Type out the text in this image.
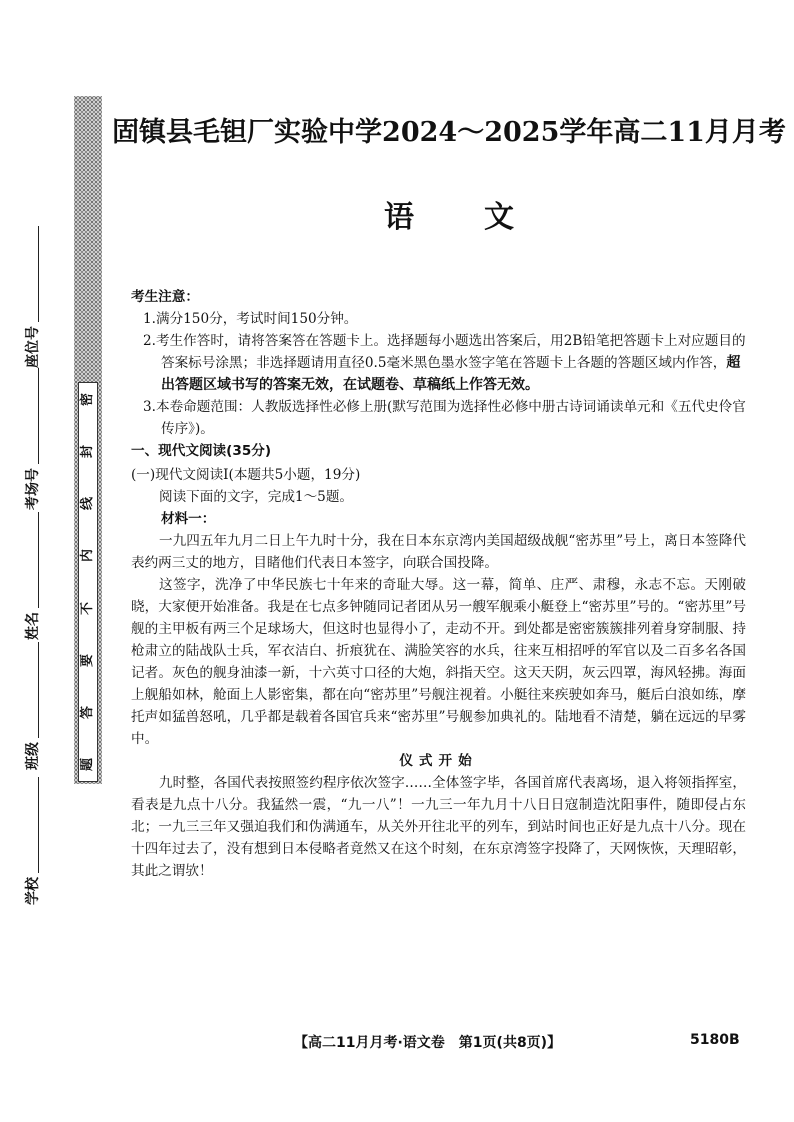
密
封
线
内
不
要
答
题
学校
班级
姓名
考场号
座位号
固镇县毛钽厂实验中学2024～2025学年高二11月月考
语文

考生注意：

1.满分150分，考试时间150分钟。

2.考生作答时，请将答案答在答题卡上。选择题每小题选出答案后，用2B铅笔把答题卡上对应题目的答案标号涂黑；非选择题请用直径0.5毫米黑色墨水签字笔在答题卡上各题的答题区域内作答，超出答题区域书写的答案无效，在试题卷、草稿纸上作答无效。

3.本卷命题范围：人教版选择性必修上册(默写范围为选择性必修中册古诗词诵读单元和《五代史伶官传序》)。

一、现代文阅读(35分)

(一)现代文阅读Ⅰ(本题共5小题，19分)

阅读下面的文字，完成1～5题。

材料一：

一九四五年九月二日上午九时十分，我在日本东京湾内美国超级战舰“密苏里”号上，离日本签降代表约两三丈的地方，目睹他们代表日本签字，向联合国投降。

这签字，洗净了中华民族七十年来的奇耻大辱。这一幕，简单、庄严、肃穆，永志不忘。天刚破晓，大家便开始准备。我是在七点多钟随同记者团从另一艘军舰乘小艇登上“密苏里”号的。“密苏里”号舰的主甲板有两三个足球场大，但这时也显得小了，走动不开。到处都是密密簇簇排列着身穿制服、持枪肃立的陆战队士兵，军衣洁白、折痕犹在、满脸笑容的水兵，往来互相招呼的军官以及二百多名各国记者。灰色的舰身油漆一新，十六英寸口径的大炮，斜指天空。这天天阴，灰云四罩，海风轻拂。海面上舰船如林，舱面上人影密集，都在向“密苏里”号舰注视着。小艇往来疾驶如奔马，艇后白浪如练，摩托声如猛兽怒吼，几乎都是载着各国官兵来“密苏里”号舰参加典礼的。陆地看不清楚，躺在远远的早雾中。

仪式开始

九时整，各国代表按照签约程序依次签字……全体签字毕，各国首席代表离场，退入将领指挥室，看表是九点十八分。我猛然一震，“九一八”！一九三一年九月十八日日寇制造沈阳事件，随即侵占东北；一九三三年又强迫我们和伪满通车，从关外开往北平的列车，到站时间也正好是九点十八分。现在十四年过去了，没有想到日本侵略者竟然又在这个时刻，在东京湾签字投降了，天网恢恢，天理昭彰，其此之谓欤！

【高二11月月考·语文卷　第1页(共8页)】	5180B
